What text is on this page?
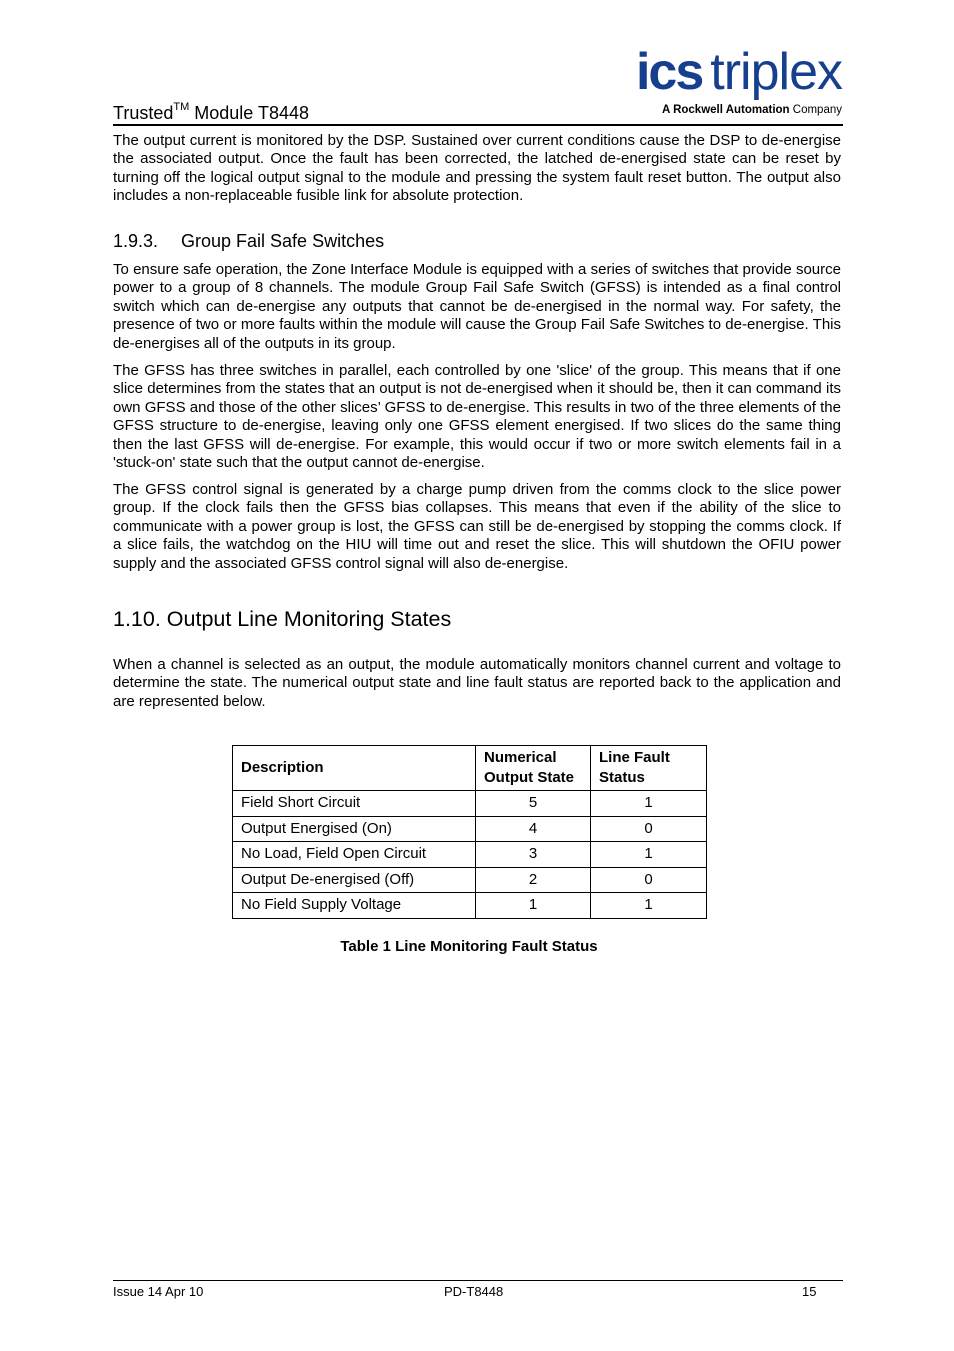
Trusted™ Module T8448
ics triplex
A Rockwell Automation Company

The output current is monitored by the DSP. Sustained over current conditions cause the DSP to de-energise the associated output. Once the fault has been corrected, the latched de-energised state can be reset by turning off the logical output signal to the module and pressing the system fault reset button. The output also includes a non-replaceable fusible link for absolute protection.

1.9.3. Group Fail Safe Switches

To ensure safe operation, the Zone Interface Module is equipped with a series of switches that provide source power to a group of 8 channels. The module Group Fail Safe Switch (GFSS) is intended as a final control switch which can de-energise any outputs that cannot be de-energised in the normal way. For safety, the presence of two or more faults within the module will cause the Group Fail Safe Switches to de-energise. This de-energises all of the outputs in its group.

The GFSS has three switches in parallel, each controlled by one 'slice' of the group. This means that if one slice determines from the states that an output is not de-energised when it should be, then it can command its own GFSS and those of the other slices’ GFSS to de-energise. This results in two of the three elements of the GFSS structure to de-energise, leaving only one GFSS element energised. If two slices do the same thing then the last GFSS will de-energise. For example, this would occur if two or more switch elements fail in a 'stuck-on' state such that the output cannot de-energise.

The GFSS control signal is generated by a charge pump driven from the comms clock to the slice power group. If the clock fails then the GFSS bias collapses. This means that even if the ability of the slice to communicate with a power group is lost, the GFSS can still be de-energised by stopping the comms clock. If a slice fails, the watchdog on the HIU will time out and reset the slice. This will shutdown the OFIU power supply and the associated GFSS control signal will also de-energise.

1.10. Output Line Monitoring States

When a channel is selected as an output, the module automatically monitors channel current and voltage to determine the state. The numerical output state and line fault status are reported back to the application and are represented below.

Description	Numerical Output State	Line Fault Status
Field Short Circuit	5	1
Output Energised (On)	4	0
No Load, Field Open Circuit	3	1
Output De-energised (Off)	2	0
No Field Supply Voltage	1	1
Table 1 Line Monitoring Fault Status
Issue 14 Apr 10	PD-T8448	15
